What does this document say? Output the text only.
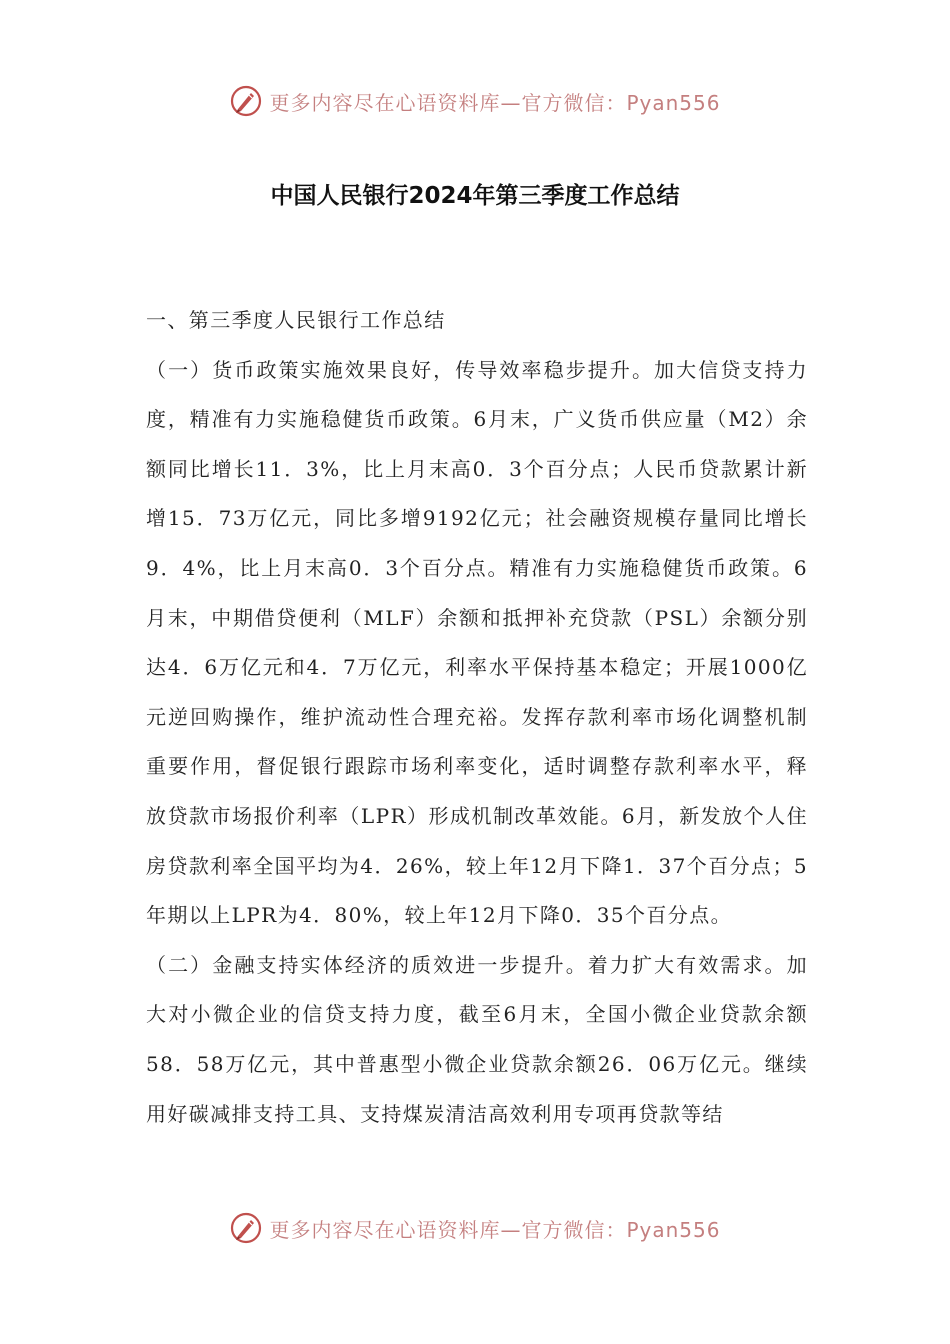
更多内容尽在心语资料库—官方微信：Pyan556
中国人民银行2024年第三季度工作总结

一、第三季度人民银行工作总结

（一）货币政策实施效果良好，传导效率稳步提升。加大信贷支持力度，精准有力实施稳健货币政策。6月末，广义货币供应量（M2）余额同比增长11．3%，比上月末高0．3个百分点；人民币贷款累计新增15．73万亿元，同比多增9192亿元；社会融资规模存量同比增长9．4%，比上月末高0．3个百分点。精准有力实施稳健货币政策。6月末，中期借贷便利（MLF）余额和抵押补充贷款（PSL）余额分别达4．6万亿元和4．7万亿元，利率水平保持基本稳定；开展1000亿元逆回购操作，维护流动性合理充裕。发挥存款利率市场化调整机制重要作用，督促银行跟踪市场利率变化，适时调整存款利率水平，释放贷款市场报价利率（LPR）形成机制改革效能。6月，新发放个人住房贷款利率全国平均为4．26%，较上年12月下降1．37个百分点；5年期以上LPR为4．80%，较上年12月下降0．35个百分点。

（二）金融支持实体经济的质效进一步提升。着力扩大有效需求。加大对小微企业的信贷支持力度，截至6月末，全国小微企业贷款余额58．58万亿元，其中普惠型小微企业贷款余额26．06万亿元。继续用好碳减排支持工具、支持煤炭清洁高效利用专项再贷款等结

更多内容尽在心语资料库—官方微信：Pyan556
